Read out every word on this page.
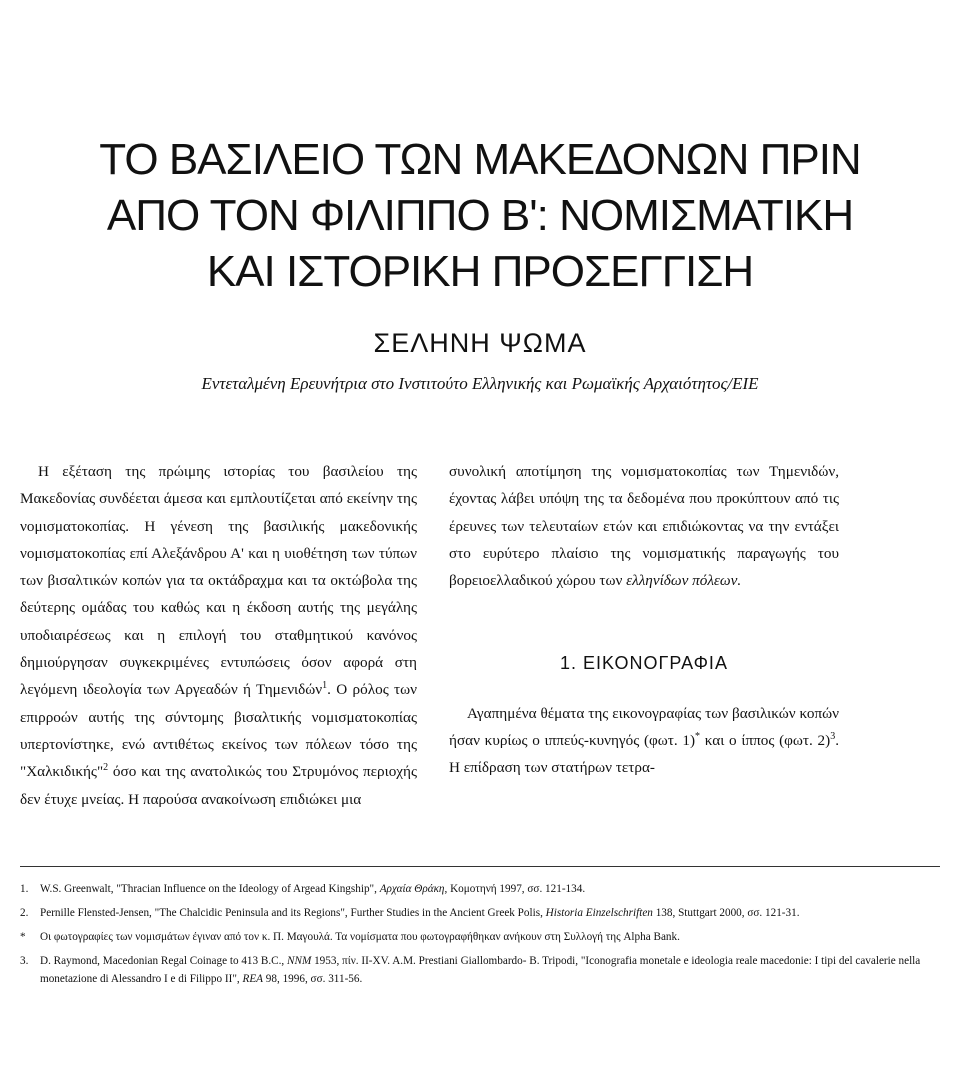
ΤΟ ΒΑΣΙΛΕΙΟ ΤΩΝ ΜΑΚΕΔΟΝΩΝ ΠΡΙΝ
ΑΠΟ ΤΟΝ ΦΙΛΙΠΠΟ Β': ΝΟΜΙΣΜΑΤΙΚΗ
ΚΑΙ ΙΣΤΟΡΙΚΗ ΠΡΟΣΕΓΓΙΣΗ
ΣΕΛΗΝΗ ΨΩΜΑ
Εντεταλμένη Ερευνήτρια στο Ινστιτούτο Ελληνικής και Ρωμαϊκής Αρχαιότητος/ΕΙΕ

Η εξέταση της πρώιμης ιστορίας του βασιλείου της Μακεδονίας συνδέεται άμεσα και εμπλουτίζεται από εκείνην της νομισματοκοπίας. Η γένεση της βασιλικής μακεδονικής νομισματοκοπίας επί Αλεξάνδρου Α' και η υιοθέτηση των τύπων των βισαλτικών κοπών για τα οκτάδραχμα και τα οκτώβολα της δεύτερης ομάδας του καθώς και η έκδοση αυτής της μεγάλης υποδιαιρέσεως και η επιλογή του σταθμητικού κανόνος δημιούργησαν συγκεκριμένες εντυπώσεις όσον αφορά στη λεγόμενη ιδεολογία των Αργεαδών ή Τημενιδών$^1$. Ο ρόλος των επιρροών αυτής της σύντομης βισαλτικής νομισματοκοπίας υπερτονίστηκε, ενώ αντιθέτως εκείνος των πόλεων τόσο της "Χαλκιδικής"$^2$ όσο και της ανατολικώς του Στρυμόνος περιοχής δεν έτυχε μνείας. Η παρούσα ανακοίνωση επιδιώκει μια

συνολική αποτίμηση της νομισματοκοπίας των Τημενιδών, έχοντας λάβει υπόψη της τα δεδομένα που προκύπτουν από τις έρευνες των τελευταίων ετών και επιδιώκοντας να την εντάξει στο ευρύτερο πλαίσιο της νομισματικής παραγωγής του βορειοελλαδικού χώρου των ελληνίδων πόλεων.

1. ΕΙΚΟΝΟΓΡΑΦΙΑ

Αγαπημένα θέματα της εικονογραφίας των βασιλικών κοπών ήσαν κυρίως ο ιππεύς-κυνηγός (φωτ. 1)* και ο ίππος (φωτ. 2)$^3$. Η επίδραση των στατήρων τετρα-

1. W.S. Greenwalt, "Thracian Influence on the Ideology of Argead Kingship", Αρχαία Θράκη, Κομοτηνή 1997, σσ. 121-134.

2. Pernille Flensted-Jensen, "The Chalcidic Peninsula and its Regions", Further Studies in the Ancient Greek Polis, Historia Einzelschriften 138, Stuttgart 2000, σσ. 121-31.

* Οι φωτογραφίες των νομισμάτων έγιναν από τον κ. Π. Μαγουλά. Τα νομίσματα που φωτογραφήθηκαν ανήκουν στη Συλλογή της Alpha Bank.

3. D. Raymond, Macedonian Regal Coinage to 413 B.C., NNM 1953, πίν. II-XV. A.M. Prestiani Giallombardo- B. Tripodi, "Iconografia monetale e ideologia reale macedonie: I tipi del cavalerie nella monetazione di Alessandro I e di Filippo II", REA 98, 1996, σσ. 311-56.
